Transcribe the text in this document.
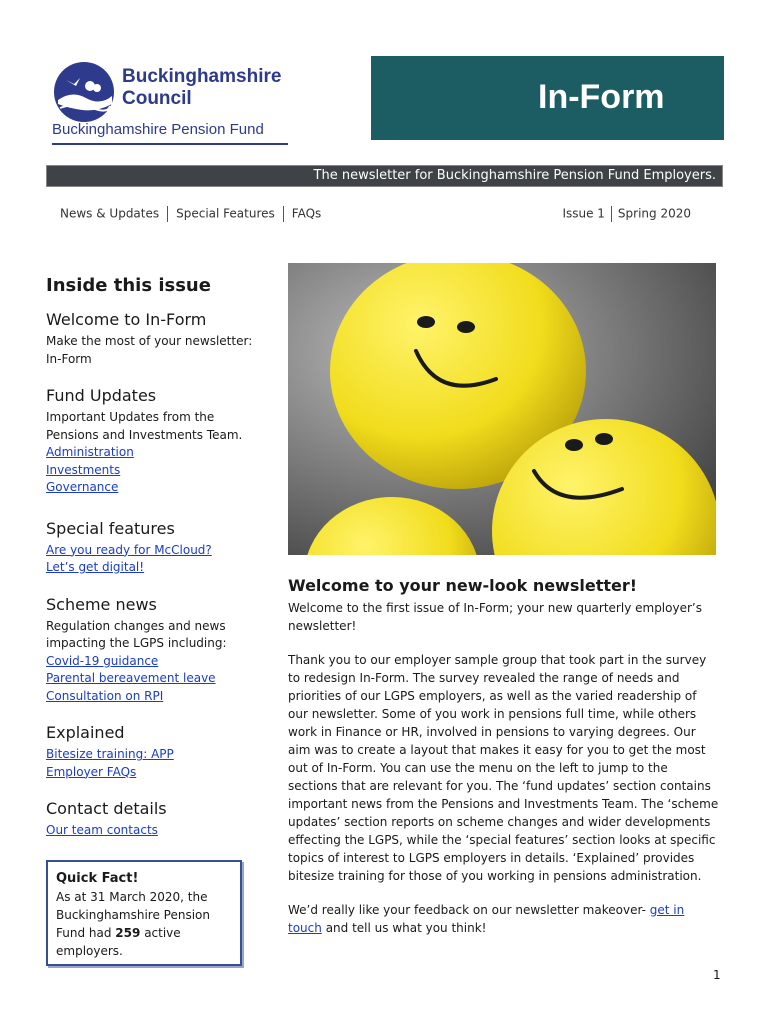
Buckinghamshire
Council
Buckinghamshire Pension Fund
In-Form
The newsletter for Buckinghamshire Pension Fund Employers.
News & Updates Special Features FAQs	Issue 1 Spring 2020
Inside this issue
Welcome to In-Form

Make the most of your newsletter: In-Form

Fund Updates

Important Updates from the Pensions and Investments Team.

Administration
Investments
Governance
Special features
Are you ready for McCloud?
Let’s get digital!
Scheme news

Regulation changes and news impacting the LGPS including:

Covid-19 guidance
Parental bereavement leave
Consultation on RPI
Explained
Bitesize training: APP
Employer FAQs
Contact details
Our team contacts
Quick Fact!
As at 31 March 2020, the Buckinghamshire Pension Fund had 259 active employers.
Welcome to your new-look newsletter!

Welcome to the first issue of In-Form; your new quarterly employer’s newsletter!

Thank you to our employer sample group that took part in the survey to redesign In-Form. The survey revealed the range of needs and priorities of our LGPS employers, as well as the varied readership of our newsletter. Some of you work in pensions full time, while others work in Finance or HR, involved in pensions to varying degrees. Our aim was to create a layout that makes it easy for you to get the most out of In-Form. You can use the menu on the left to jump to the sections that are relevant for you. The ‘fund updates’ section contains important news from the Pensions and Investments Team. The ‘scheme updates’ section reports on scheme changes and wider developments effecting the LGPS, while the ‘special features’ section looks at specific topics of interest to LGPS employers in details. ‘Explained’ provides bitesize training for those of you working in pensions administration.

We’d really like your feedback on our newsletter makeover- get in touch and tell us what you think!

1
